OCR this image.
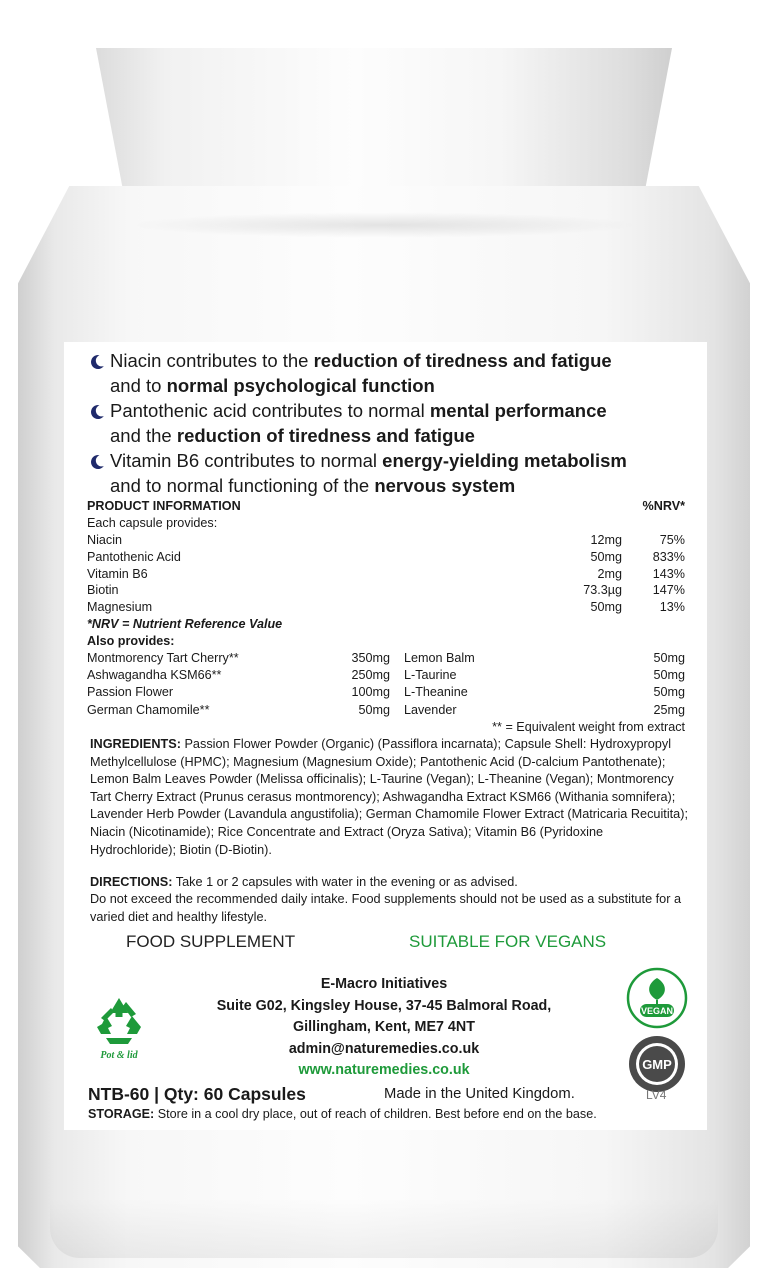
Niacin contributes to the reduction of tiredness and fatigue
and to normal psychological function
Pantothenic acid contributes to normal mental performance
and the reduction of tiredness and fatigue
Vitamin B6 contributes to normal energy-yielding metabolism
and to normal functioning of the nervous system
PRODUCT INFORMATION	%NRV*
Each capsule provides:
Niacin	12mg	75%
Pantothenic Acid	50mg 833%
Vitamin B6	2mg 143%
Biotin	73.3µg 147%
Magnesium	50mg	13%
*NRV = Nutrient Reference Value
Also provides:
Montmorency Tart Cherry**	350mg Lemon Balm	50mg
Ashwagandha KSM66**	250mg L-Taurine	50mg
Passion Flower	100mg L-Theanine	50mg
German Chamomile**	50mg Lavender	25mg
** = Equivalent weight from extract
INGREDIENTS: Passion Flower Powder (Organic) (Passiflora incarnata); Capsule Shell: Hydroxypropyl Methylcellulose (HPMC); Magnesium (Magnesium Oxide); Pantothenic Acid (D-calcium Pantothenate); Lemon Balm Leaves Powder (Melissa officinalis); L-Taurine (Vegan); L-Theanine (Vegan); Montmorency Tart Cherry Extract (Prunus cerasus montmorency); Ashwagandha Extract KSM66 (Withania somnifera); Lavender Herb Powder (Lavandula angustifolia); German Chamomile Flower Extract (Matricaria Recuitita); Niacin (Nicotinamide); Rice Concentrate and Extract (Oryza Sativa); Vitamin B6 (Pyridoxine Hydrochloride); Biotin (D-Biotin).
DIRECTIONS: Take 1 or 2 capsules with water in the evening or as advised.
Do not exceed the recommended daily intake. Food supplements should not be used as a substitute for a varied diet and healthy lifestyle.
FOOD SUPPLEMENT	SUITABLE FOR VEGANS
Pot & lid
E-Macro Initiatives
Suite G02, Kingsley House, 37-45 Balmoral Road,
Gillingham, Kent, ME7 4NT
admin@naturemedies.co.uk
www.naturemedies.co.uk
VEGAN
GMP
NTB-60 | Qty: 60 Capsules	Made in the United Kingdom.	LV4
STORAGE: Store in a cool dry place, out of reach of children. Best before end on the base.
